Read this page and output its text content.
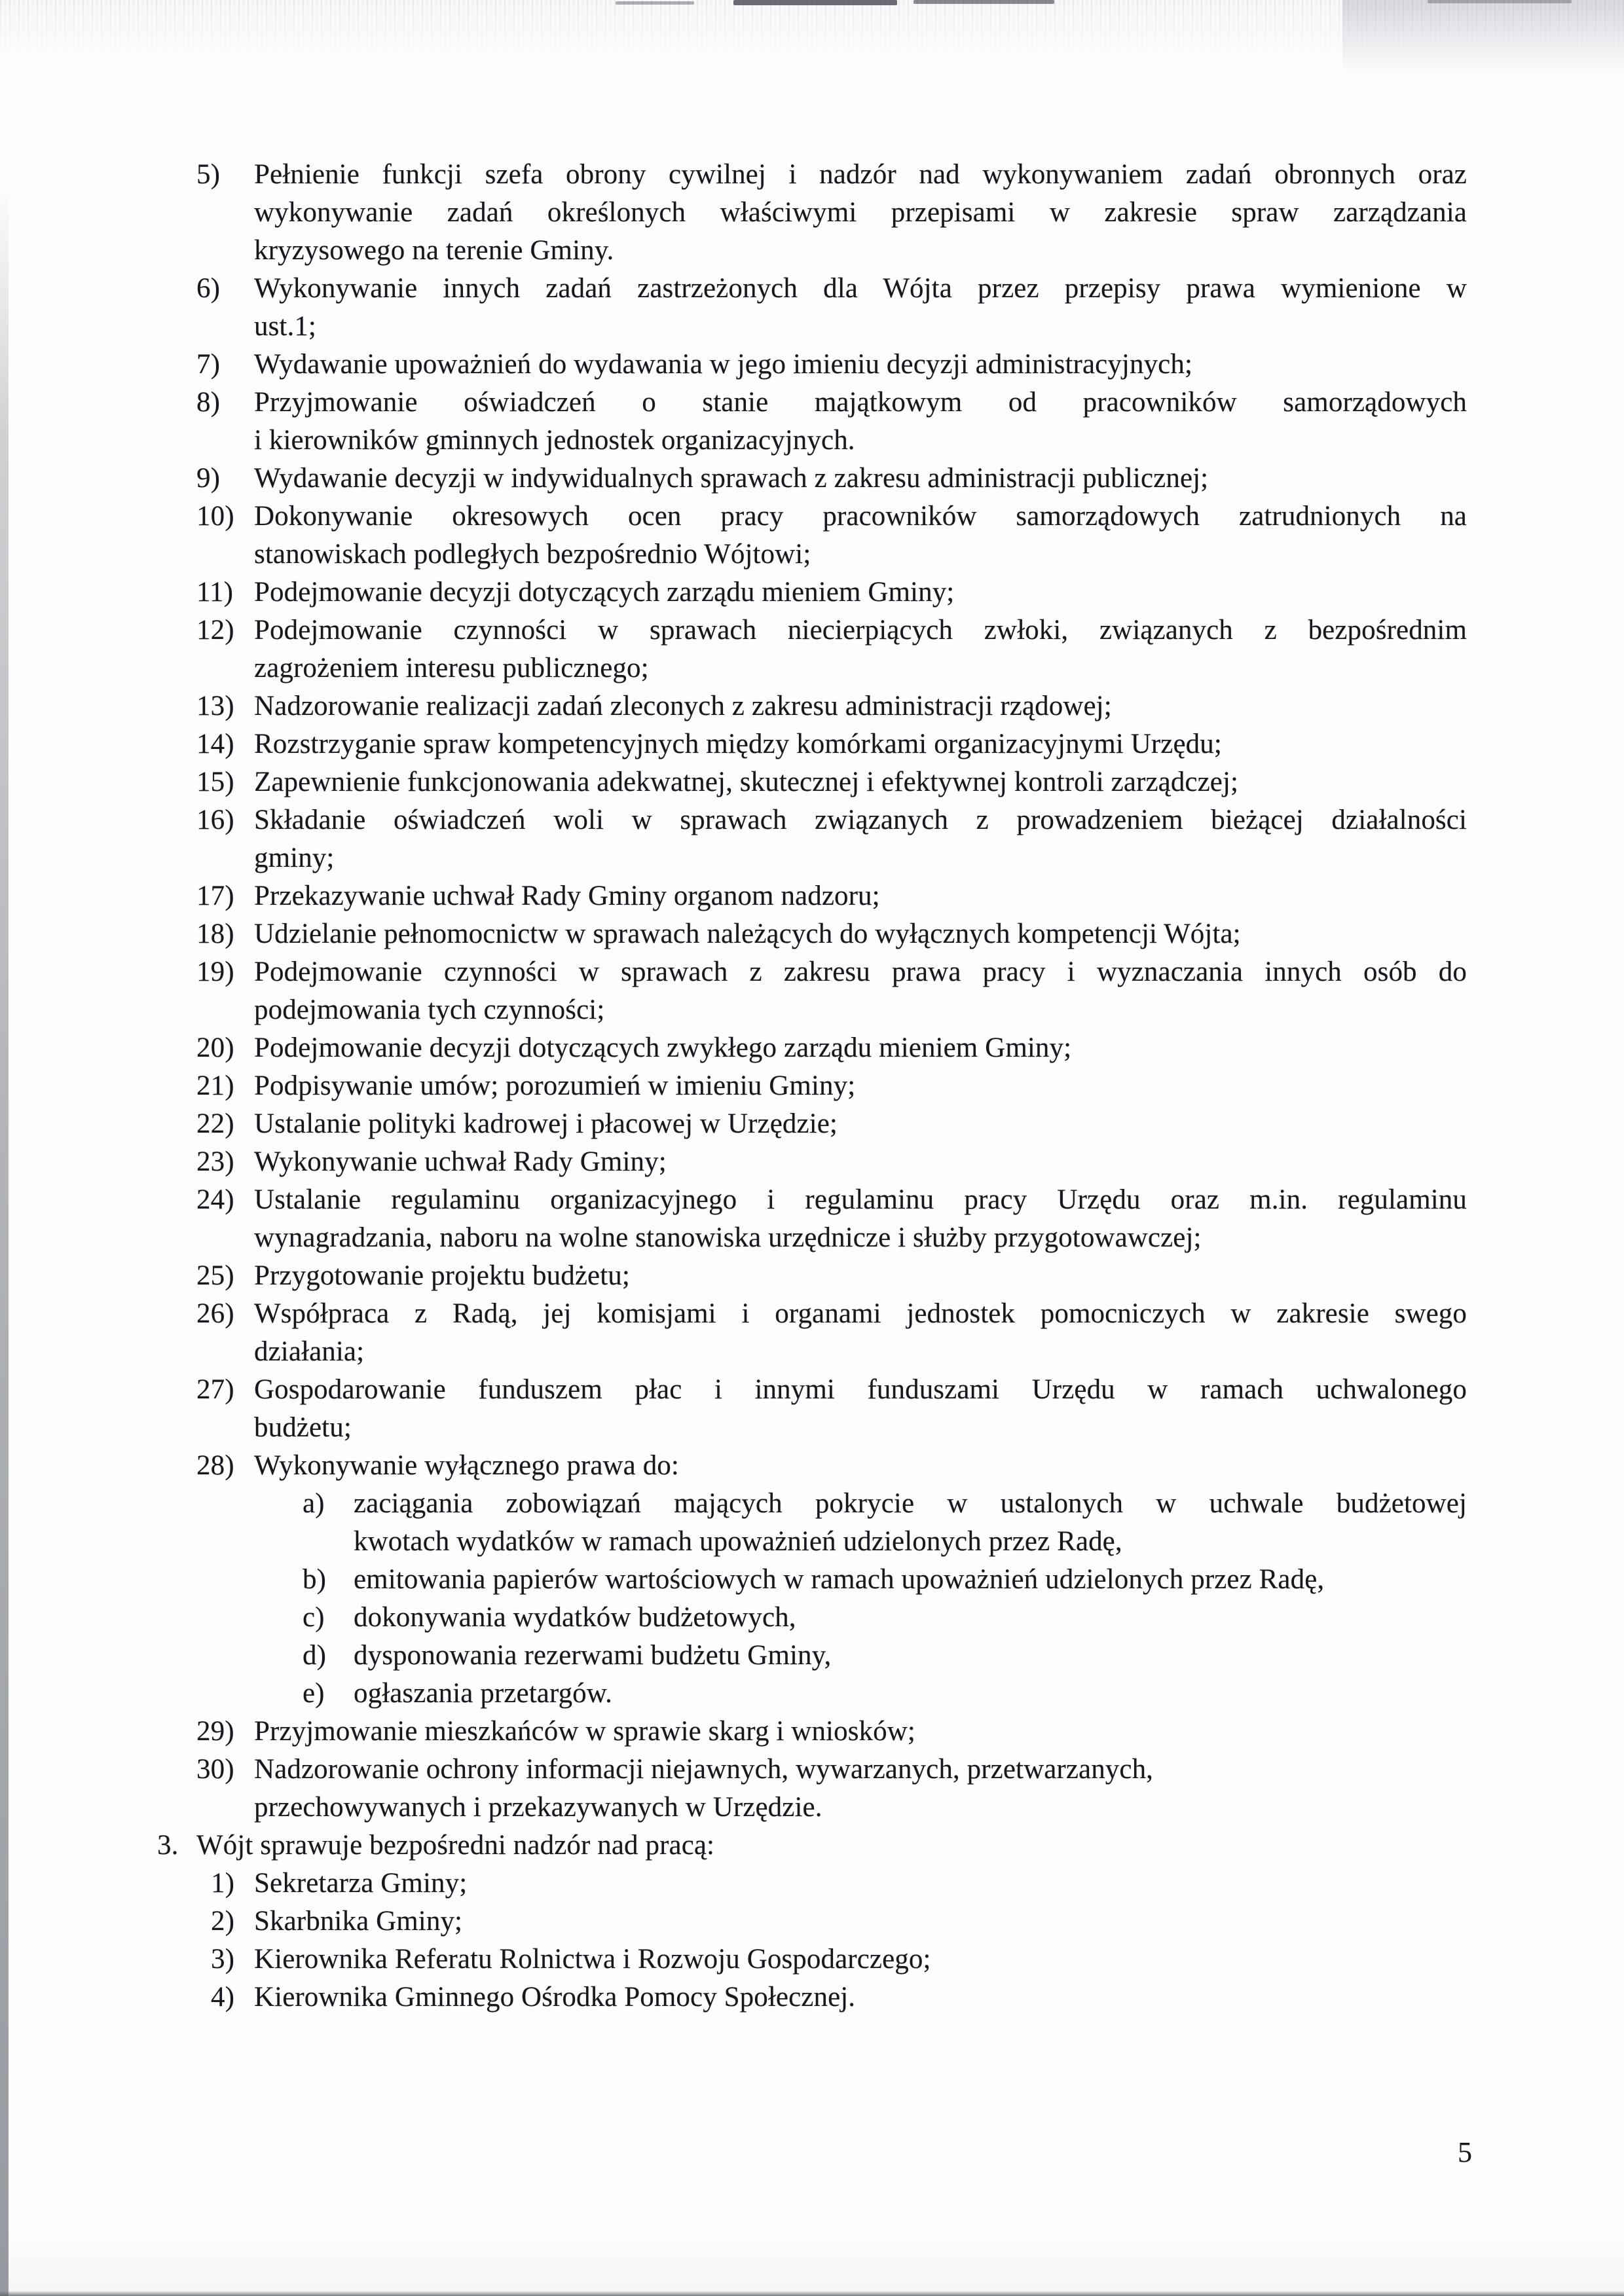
5)	Pełnienie funkcji szefa obrony cywilnej i nadzór nad wykonywaniem zadań obronnych oraz
wykonywanie zadań określonych właściwymi przepisami w zakresie spraw zarządzania
kryzysowego na terenie Gminy.
6)	Wykonywanie innych zadań zastrzeżonych dla Wójta przez przepisy prawa wymienione w
ust.1;
7)	Wydawanie upoważnień do wydawania w jego imieniu decyzji administracyjnych;
8)	Przyjmowanie oświadczeń o stanie majątkowym od pracowników samorządowych
i kierowników gminnych jednostek organizacyjnych.
9)	Wydawanie decyzji w indywidualnych sprawach z zakresu administracji publicznej;
10) Dokonywanie okresowych ocen pracy pracowników samorządowych zatrudnionych na
stanowiskach podległych bezpośrednio Wójtowi;
11) Podejmowanie decyzji dotyczących zarządu mieniem Gminy;
12) Podejmowanie czynności w sprawach niecierpiących zwłoki, związanych z bezpośrednim
zagrożeniem interesu publicznego;
13) Nadzorowanie realizacji zadań zleconych z zakresu administracji rządowej;
14) Rozstrzyganie spraw kompetencyjnych między komórkami organizacyjnymi Urzędu;
15) Zapewnienie funkcjonowania adekwatnej, skutecznej i efektywnej kontroli zarządczej;
16) Składanie oświadczeń woli w sprawach związanych z prowadzeniem bieżącej działalności
gminy;
17) Przekazywanie uchwał Rady Gminy organom nadzoru;
18) Udzielanie pełnomocnictw w sprawach należących do wyłącznych kompetencji Wójta;
19) Podejmowanie czynności w sprawach z zakresu prawa pracy i wyznaczania innych osób do
podejmowania tych czynności;
20) Podejmowanie decyzji dotyczących zwykłego zarządu mieniem Gminy;
21) Podpisywanie umów; porozumień w imieniu Gminy;
22) Ustalanie polityki kadrowej i płacowej w Urzędzie;
23) Wykonywanie uchwał Rady Gminy;
24) Ustalanie regulaminu organizacyjnego i regulaminu pracy Urzędu oraz m.in. regulaminu
wynagradzania, naboru na wolne stanowiska urzędnicze i służby przygotowawczej;
25) Przygotowanie projektu budżetu;
26) Współpraca z Radą, jej komisjami i organami jednostek pomocniczych w zakresie swego
działania;
27) Gospodarowanie funduszem płac i innymi funduszami Urzędu w ramach uchwalonego
budżetu;
28) Wykonywanie wyłącznego prawa do:
a)	zaciągania zobowiązań mających pokrycie w ustalonych w uchwale budżetowej
kwotach wydatków w ramach upoważnień udzielonych przez Radę,
b) emitowania papierów wartościowych w ramach upoważnień udzielonych przez Radę,
c)	dokonywania wydatków budżetowych,
d) dysponowania rezerwami budżetu Gminy,
e)	ogłaszania przetargów.
29) Przyjmowanie mieszkańców w sprawie skarg i wniosków;
30) Nadzorowanie ochrony informacji niejawnych, wywarzanych, przetwarzanych,
przechowywanych i przekazywanych w Urzędzie.
3. Wójt sprawuje bezpośredni nadzór nad pracą:
1) Sekretarza Gminy;
2) Skarbnika Gminy;
3) Kierownika Referatu Rolnictwa i Rozwoju Gospodarczego;
4) Kierownika Gminnego Ośrodka Pomocy Społecznej.
5
